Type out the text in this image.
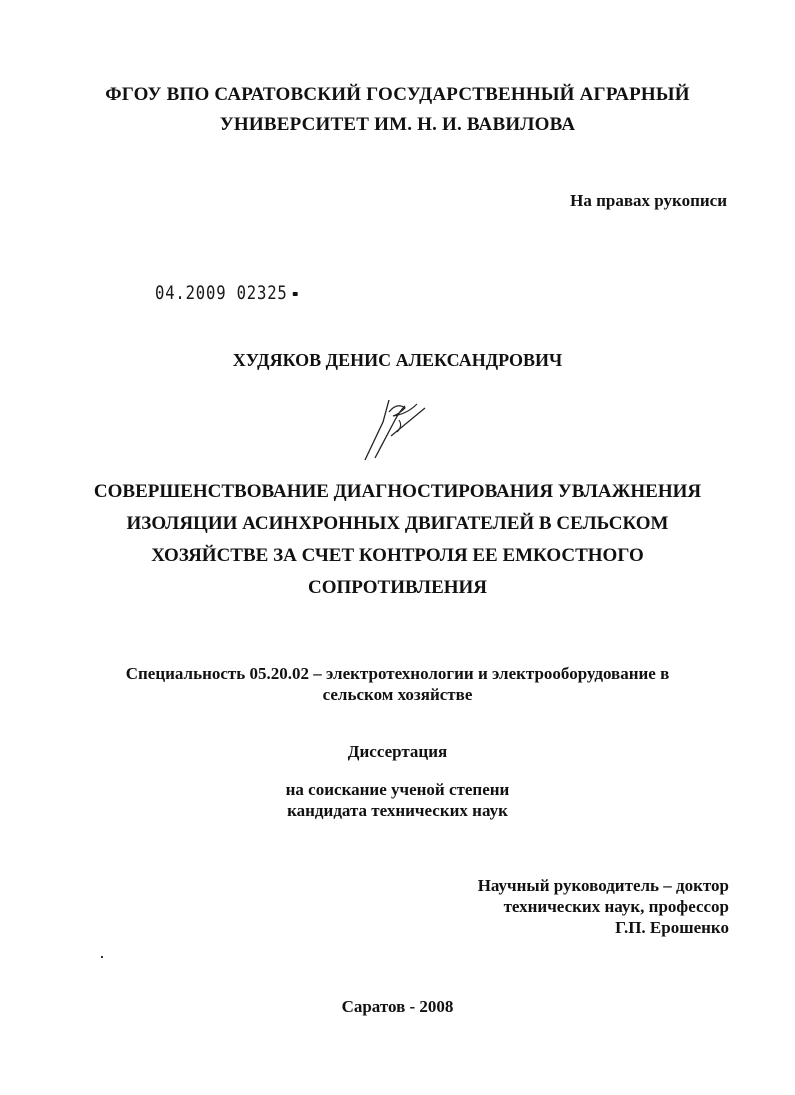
ФГОУ ВПО САРАТОВСКИЙ ГОСУДАРСТВЕННЫЙ АГРАРНЫЙ
УНИВЕРСИТЕТ ИМ. Н. И. ВАВИЛОВА
На правах рукописи
04.2009 02325
ХУДЯКОВ ДЕНИС АЛЕКСАНДРОВИЧ
СОВЕРШЕНСТВОВАНИЕ ДИАГНОСТИРОВАНИЯ УВЛАЖНЕНИЯ
ИЗОЛЯЦИИ АСИНХРОННЫХ ДВИГАТЕЛЕЙ В СЕЛЬСКОМ
ХОЗЯЙСТВЕ ЗА СЧЕТ КОНТРОЛЯ ЕЕ ЕМКОСТНОГО
СОПРОТИВЛЕНИЯ
Специальность 05.20.02 – электротехнологии и электрооборудование в
сельском хозяйстве
Диссертация
на соискание ученой степени
кандидата технических наук
Научный руководитель – доктор
технических наук, профессор
Г.П. Ерошенко
Саратов - 2008
